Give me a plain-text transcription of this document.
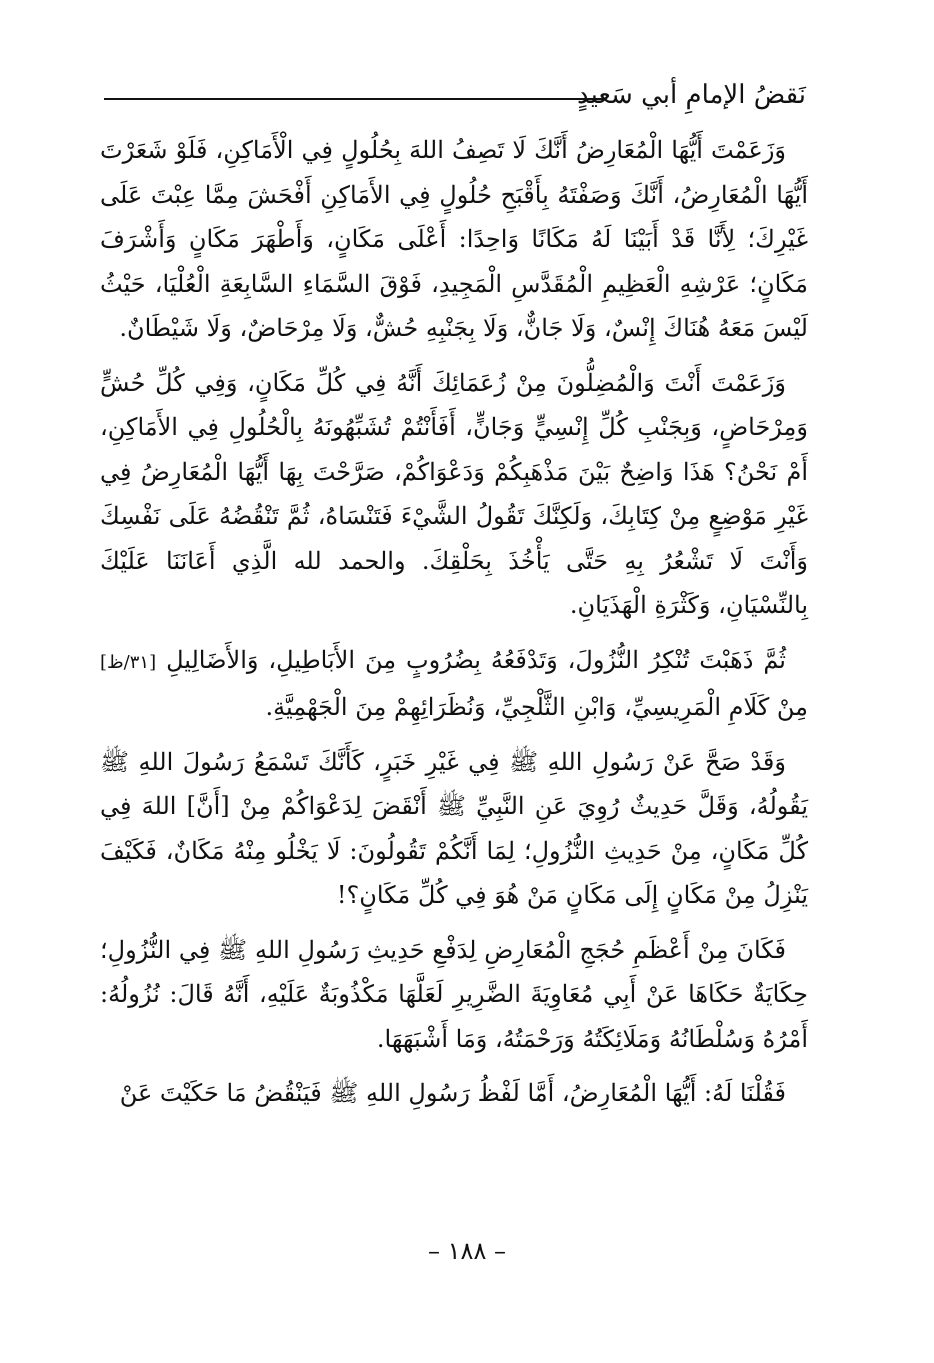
نَقضُ الإمامِ أبي سَعيدٍ

وَزَعَمْتَ أَيُّهَا الْمُعَارِضُ أَنَّكَ لَا تَصِفُ اللهَ بِحُلُولٍ فِي الْأَمَاكِنِ، فَلَوْ شَعَرْتَ أَيُّهَا الْمُعَارِضُ، أَنَّكَ وَصَفْتَهُ بِأَقْبَحِ حُلُولٍ فِي الأَمَاكِنِ أَفْحَشَ مِمَّا عِبْتَ عَلَى غَيْرِكَ؛ لِأَنَّا قَدْ أَبَيْنَا لَهُ مَكَانًا وَاحِدًا: أَعْلَى مَكَانٍ، وَأَطْهَرَ مَكَانٍ وَأَشْرَفَ مَكَانٍ؛ عَرْشِهِ الْعَظِيمِ الْمُقَدَّسِ الْمَجِيدِ، فَوْقَ السَّمَاءِ السَّابِعَةِ الْعُلْيَا، حَيْثُ لَيْسَ مَعَهُ هُنَاكَ إِنْسٌ، وَلَا جَانٌّ، وَلَا بِجَنْبِهِ حُشٌّ، وَلَا مِرْحَاضٌ، وَلَا شَيْطَانٌ.

وَزَعَمْتَ أَنْتَ وَالْمُضِلُّونَ مِنْ زُعَمَائِكَ أَنَّهُ فِي كُلِّ مَكَانٍ، وَفِي كُلِّ حُشٍّ وَمِرْحَاضٍ، وَبِجَنْبِ كُلِّ إِنْسِيٍّ وَجَانٍّ، أَفَأَنْتُمْ تُشَبِّهُونَهُ بِالْحُلُولِ فِي الأَمَاكِنِ، أَمْ نَحْنُ؟ هَذَا وَاضِحٌ بَيْنَ مَذْهَبِكُمْ وَدَعْوَاكُمْ، صَرَّحْتَ بِهَا أَيُّهَا الْمُعَارِضُ فِي غَيْرِ مَوْضِعٍ مِنْ كِتَابِكَ، وَلَكِنَّكَ تَقُولُ الشَّيْءَ فَتَنْسَاهُ، ثُمَّ تَنْقُضُهُ عَلَى نَفْسِكَ وَأَنْتَ لَا تَشْعُرُ بِهِ حَتَّى يَأْخُذَ بِحَلْقِكَ. والحمد لله الَّذِي أَعَانَنَا عَلَيْكَ بِالنِّسْيَانِ، وَكَثْرَةِ الْهَذَيَانِ.

ثُمَّ ذَهَبْتَ تُنْكِرُ النُّزُولَ، وَتَدْفَعُهُ بِضُرُوبٍ مِنَ الأَبَاطِيلِ، وَالأَضَالِيلِ [٣١/ظ] مِنْ كَلَامِ الْمَرِيسِيِّ، وَابْنِ الثَّلْجِيِّ، وَنُظَرَائِهِمْ مِنَ الْجَهْمِيَّةِ.

وَقَدْ صَحَّ عَنْ رَسُولِ اللهِ ﷺ فِي غَيْرِ خَبَرٍ، كَأَنَّكَ تَسْمَعُ رَسُولَ اللهِ ﷺ يَقُولُهُ، وَقَلَّ حَدِيثٌ رُوِيَ عَنِ النَّبِيِّ ﷺ أَنْقَضَ لِدَعْوَاكُمْ مِنْ [أَنَّ] اللهَ فِي كُلِّ مَكَانٍ، مِنْ حَدِيثِ النُّزُولِ؛ لِمَا أَنَّكُمْ تَقُولُونَ: لَا يَخْلُو مِنْهُ مَكَانٌ، فَكَيْفَ يَنْزِلُ مِنْ مَكَانٍ إِلَى مَكَانٍ مَنْ هُوَ فِي كُلِّ مَكَانٍ؟!

فَكَانَ مِنْ أَعْظَمِ حُجَجِ الْمُعَارِضِ لِدَفْعِ حَدِيثِ رَسُولِ اللهِ ﷺ فِي النُّزُولِ؛ حِكَايَةٌ حَكَاهَا عَنْ أَبِي مُعَاوِيَةَ الضَّرِيرِ لَعَلَّهَا مَكْذُوبَةٌ عَلَيْهِ، أَنَّهُ قَالَ: نُزُولُهُ: أَمْرُهُ وَسُلْطَانُهُ وَمَلَائِكَتُهُ وَرَحْمَتُهُ، وَمَا أَشْبَهَهَا.

فَقُلْنَا لَهُ: أَيُّهَا الْمُعَارِضُ، أَمَّا لَفْظُ رَسُولِ اللهِ ﷺ فَيَنْقُضُ مَا حَكَيْتَ عَنْ

– ١٨٨ –
